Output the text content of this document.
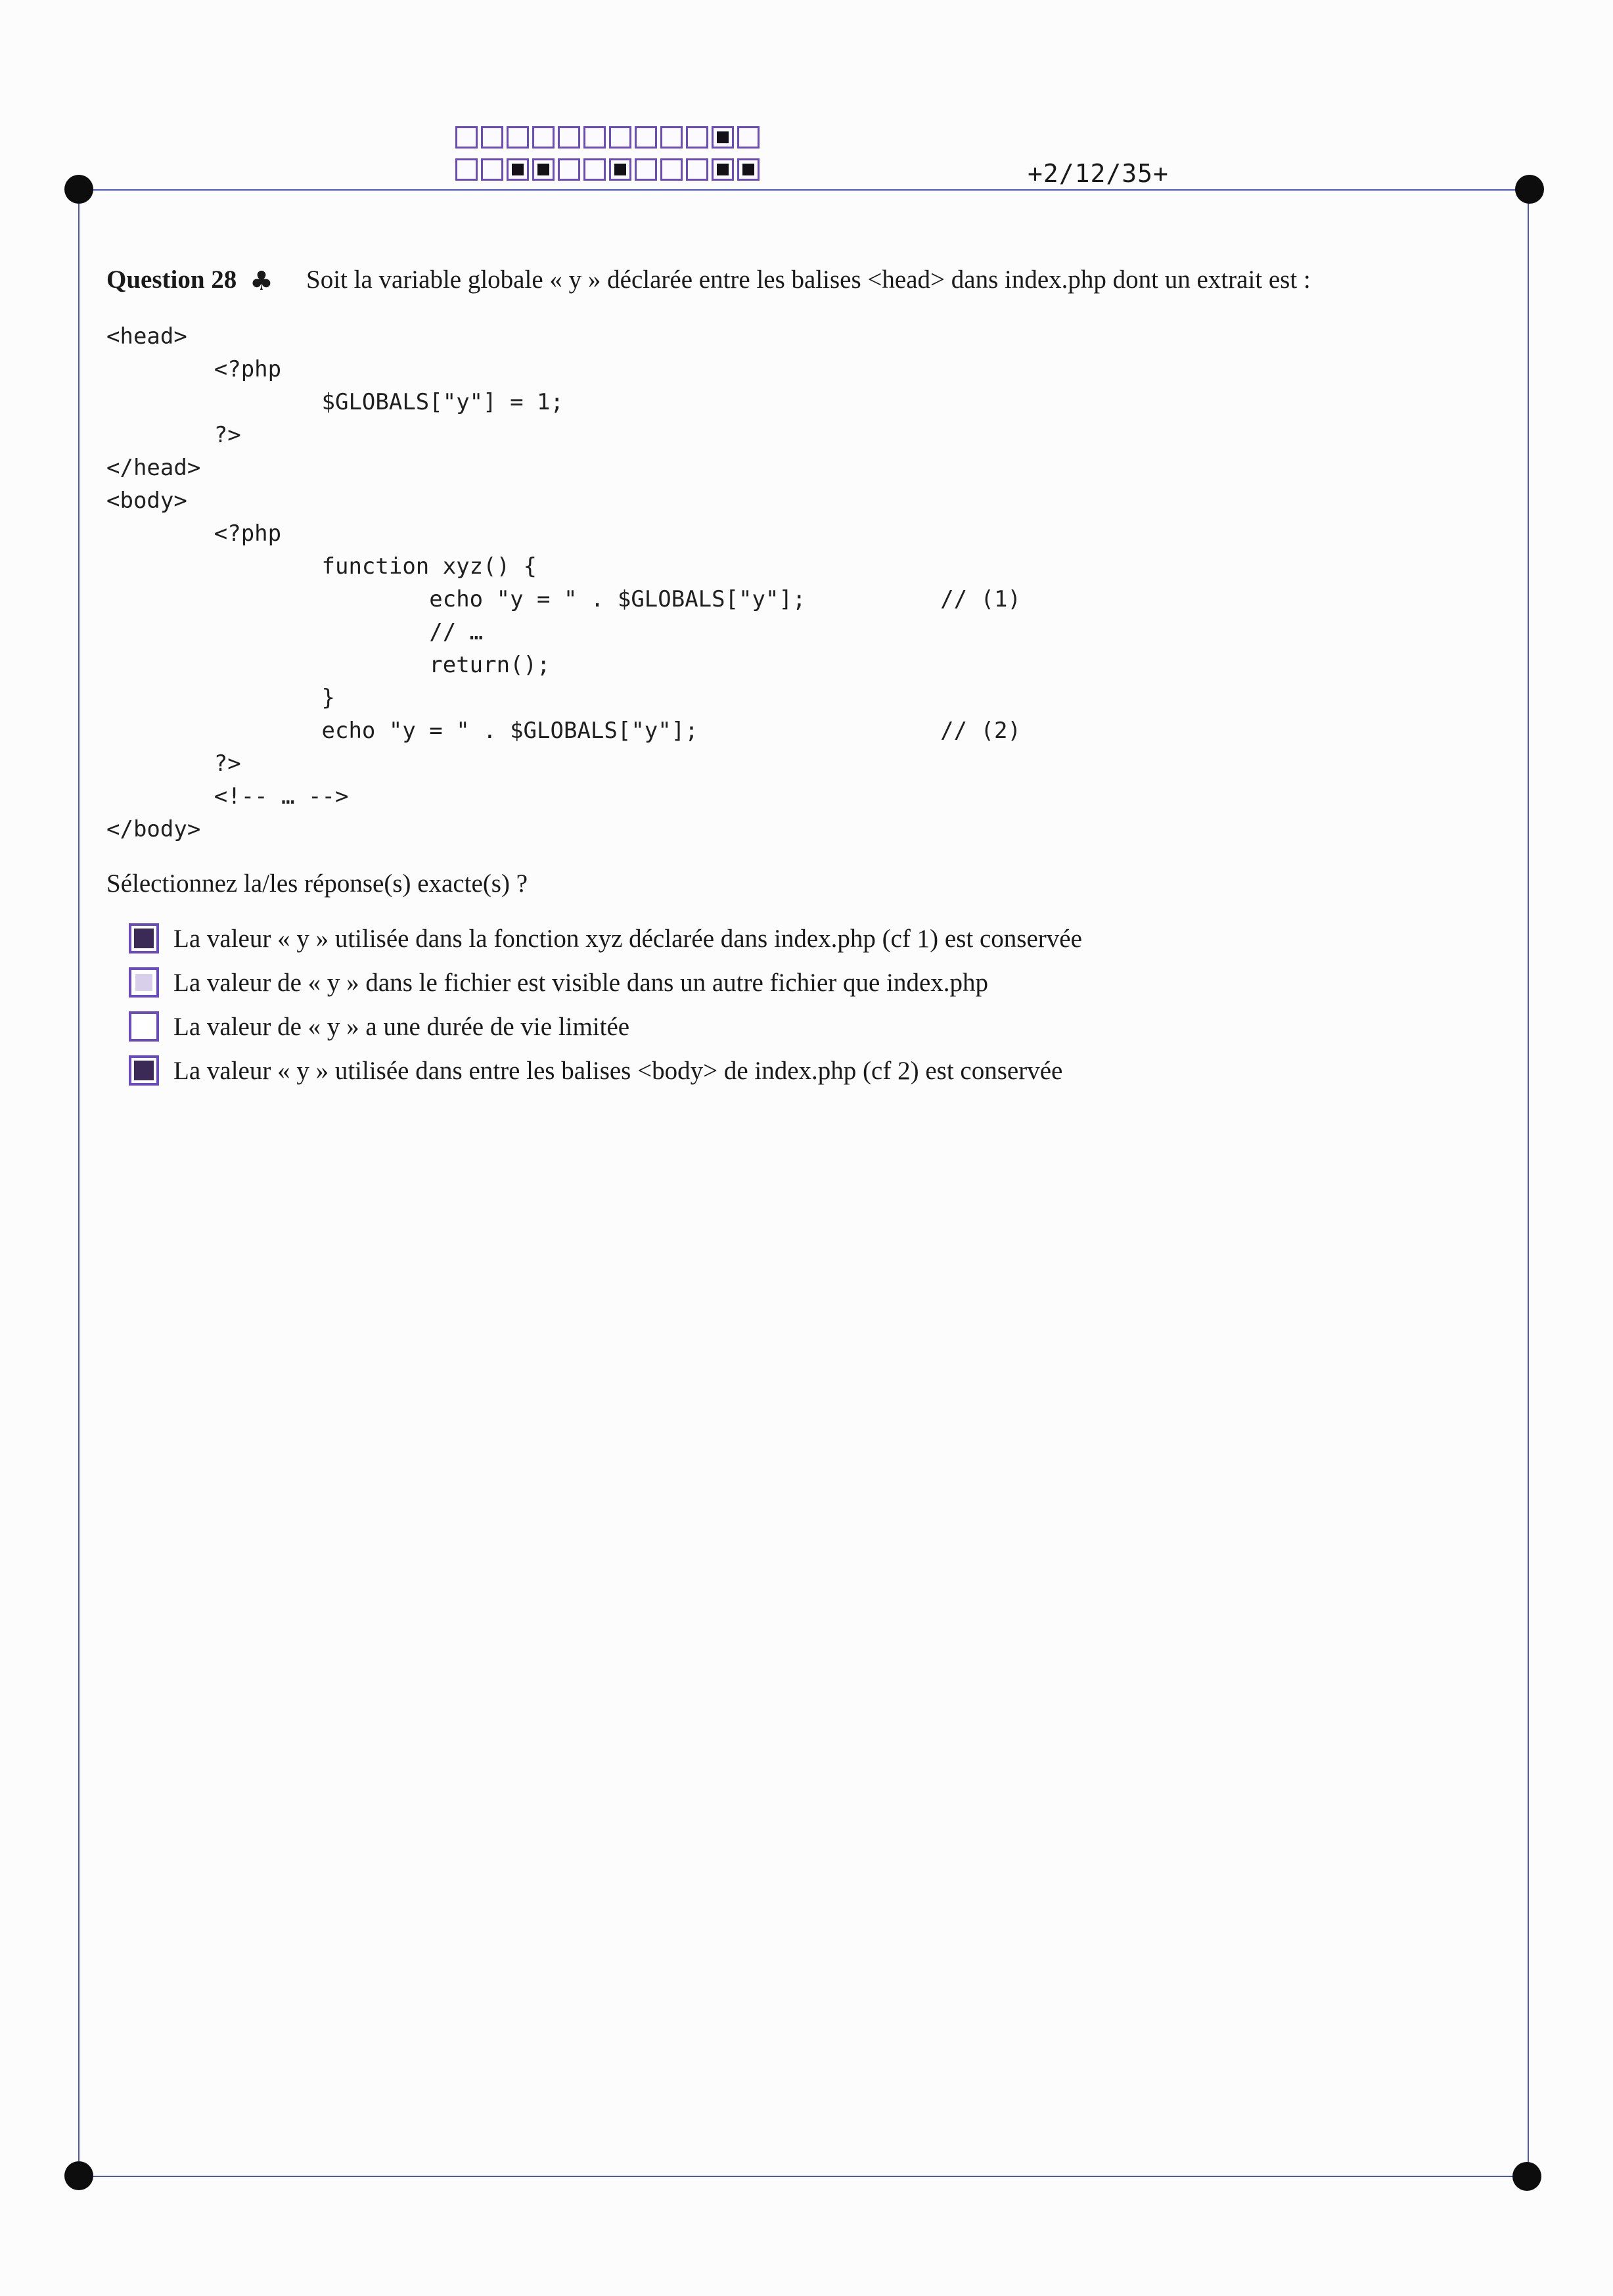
+2/12/35+
Question 28 ♣ Soit la variable globale « y » déclarée entre les balises <head> dans index.php dont un extrait est :
<head>
<?php
$GLOBALS["y"] = 1;
?>
</head>
<body>
<?php
function xyz() {
echo "y = " . $GLOBALS["y"];          // (1)
// …
return();
}
echo "y = " . $GLOBALS["y"];                  // (2)
?>
<!-- … -->
</body>
Sélectionnez la/les réponse(s) exacte(s) ?
La valeur « y » utilisée dans la fonction xyz déclarée dans index.php (cf 1) est conservée
La valeur de « y » dans le fichier est visible dans un autre fichier que index.php
La valeur de « y » a une durée de vie limitée
La valeur « y » utilisée dans entre les balises <body> de index.php (cf 2) est conservée
